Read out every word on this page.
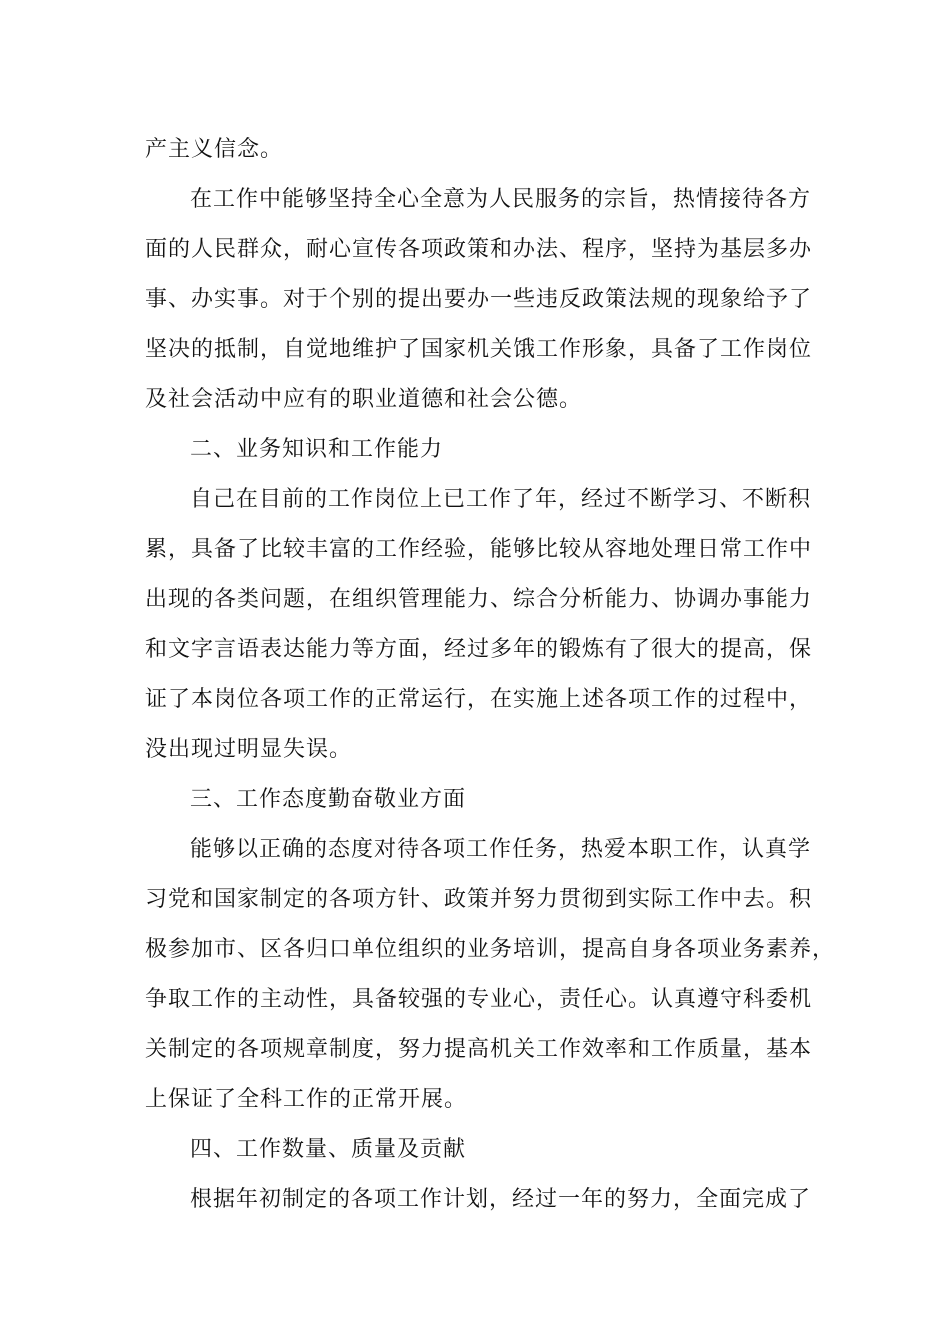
产主义信念。
在工作中能够坚持全心全意为人民服务的宗旨，热情接待各方
面的人民群众，耐心宣传各项政策和办法、程序，坚持为基层多办
事、办实事。对于个别的提出要办一些违反政策法规的现象给予了
坚决的抵制，自觉地维护了国家机关饿工作形象，具备了工作岗位
及社会活动中应有的职业道德和社会公德。
二、业务知识和工作能力
自己在目前的工作岗位上已工作了年，经过不断学习、不断积
累，具备了比较丰富的工作经验，能够比较从容地处理日常工作中
出现的各类问题，在组织管理能力、综合分析能力、协调办事能力
和文字言语表达能力等方面，经过多年的锻炼有了很大的提高，保
证了本岗位各项工作的正常运行，在实施上述各项工作的过程中，
没出现过明显失误。
三、工作态度勤奋敬业方面
能够以正确的态度对待各项工作任务，热爱本职工作，认真学
习党和国家制定的各项方针、政策并努力贯彻到实际工作中去。积
极参加市、区各归口单位组织的业务培训，提高自身各项业务素养，
争取工作的主动性，具备较强的专业心，责任心。认真遵守科委机
关制定的各项规章制度，努力提高机关工作效率和工作质量，基本
上保证了全科工作的正常开展。
四、工作数量、质量及贡献
根据年初制定的各项工作计划，经过一年的努力，全面完成了
